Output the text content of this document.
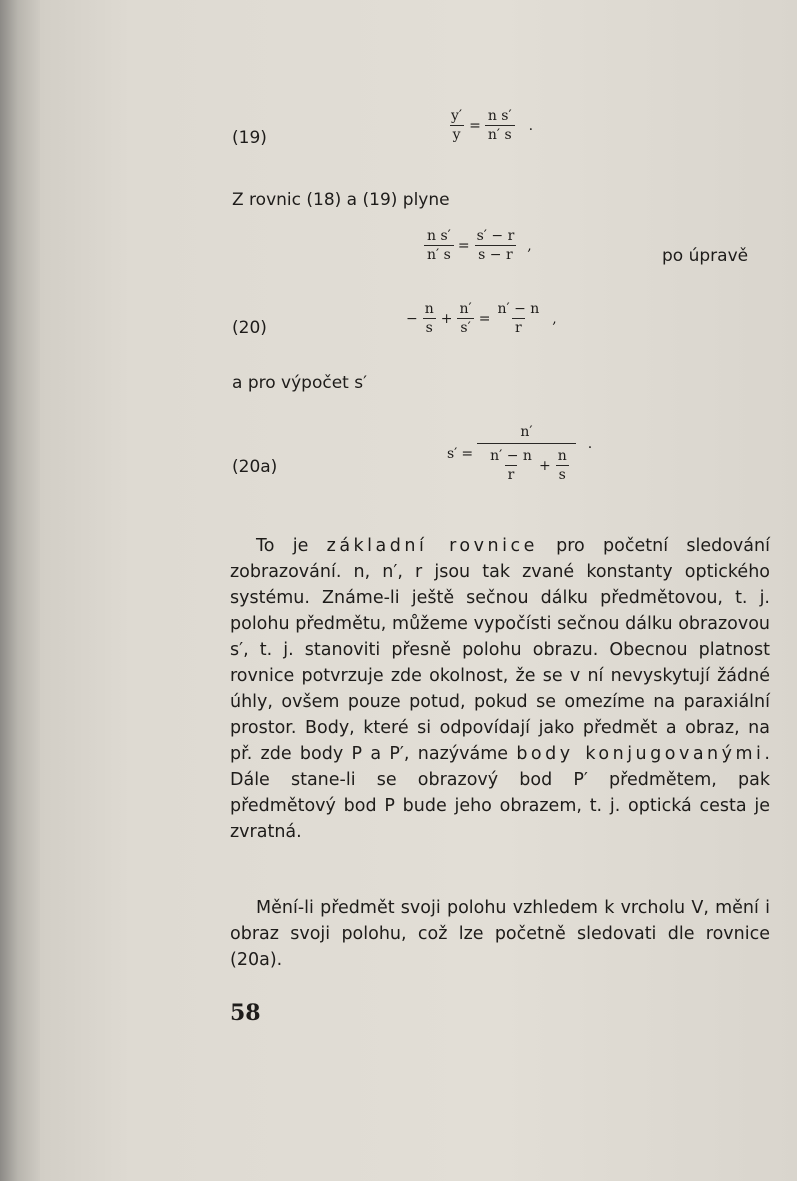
(19)	$\frac{y'}{y} = \frac{\text{n s′}}{n' s}$ .
Z rovnic (18) a (19) plyne
$\frac{\text{n s′}}{n' s} = \frac{s' - r}{s - r}$ ,
po úpravě
(20)	− $\frac{n}{s} + \frac{n'}{s'} = \frac{n' - n}{r}$ ,
a pro výpočet s′
(20a)
$s' = \frac{n'}{\frac{n' - n}{r} + \frac{n}{s}}$ .
To je základní rovnice pro početní sledování zobrazování. n, n′, r jsou tak zvané konstanty optického systému. Známe-li ještě sečnou dálku předmětovou, t. j. polohu předmětu, můžeme vypočísti sečnou dálku obrazovou s′, t. j. stanoviti přesně polohu obrazu. Obecnou platnost rovnice potvrzuje zde okolnost, že se v ní nevyskytují žádné úhly, ovšem pouze potud, pokud se omezíme na paraxiální prostor. Body, které si odpovídají jako předmět a obraz, na př. zde body P a P′, nazýváme body konjugovanými. Dále stane-li se obrazový bod P′ předmětem, pak předmětový bod P bude jeho obrazem, t. j. optická cesta je zvratná.
Mění-li předmět svoji polohu vzhledem k vrcholu V, mění i obraz svoji polohu, což lze početně sledovati dle rovnice (20a).
58
